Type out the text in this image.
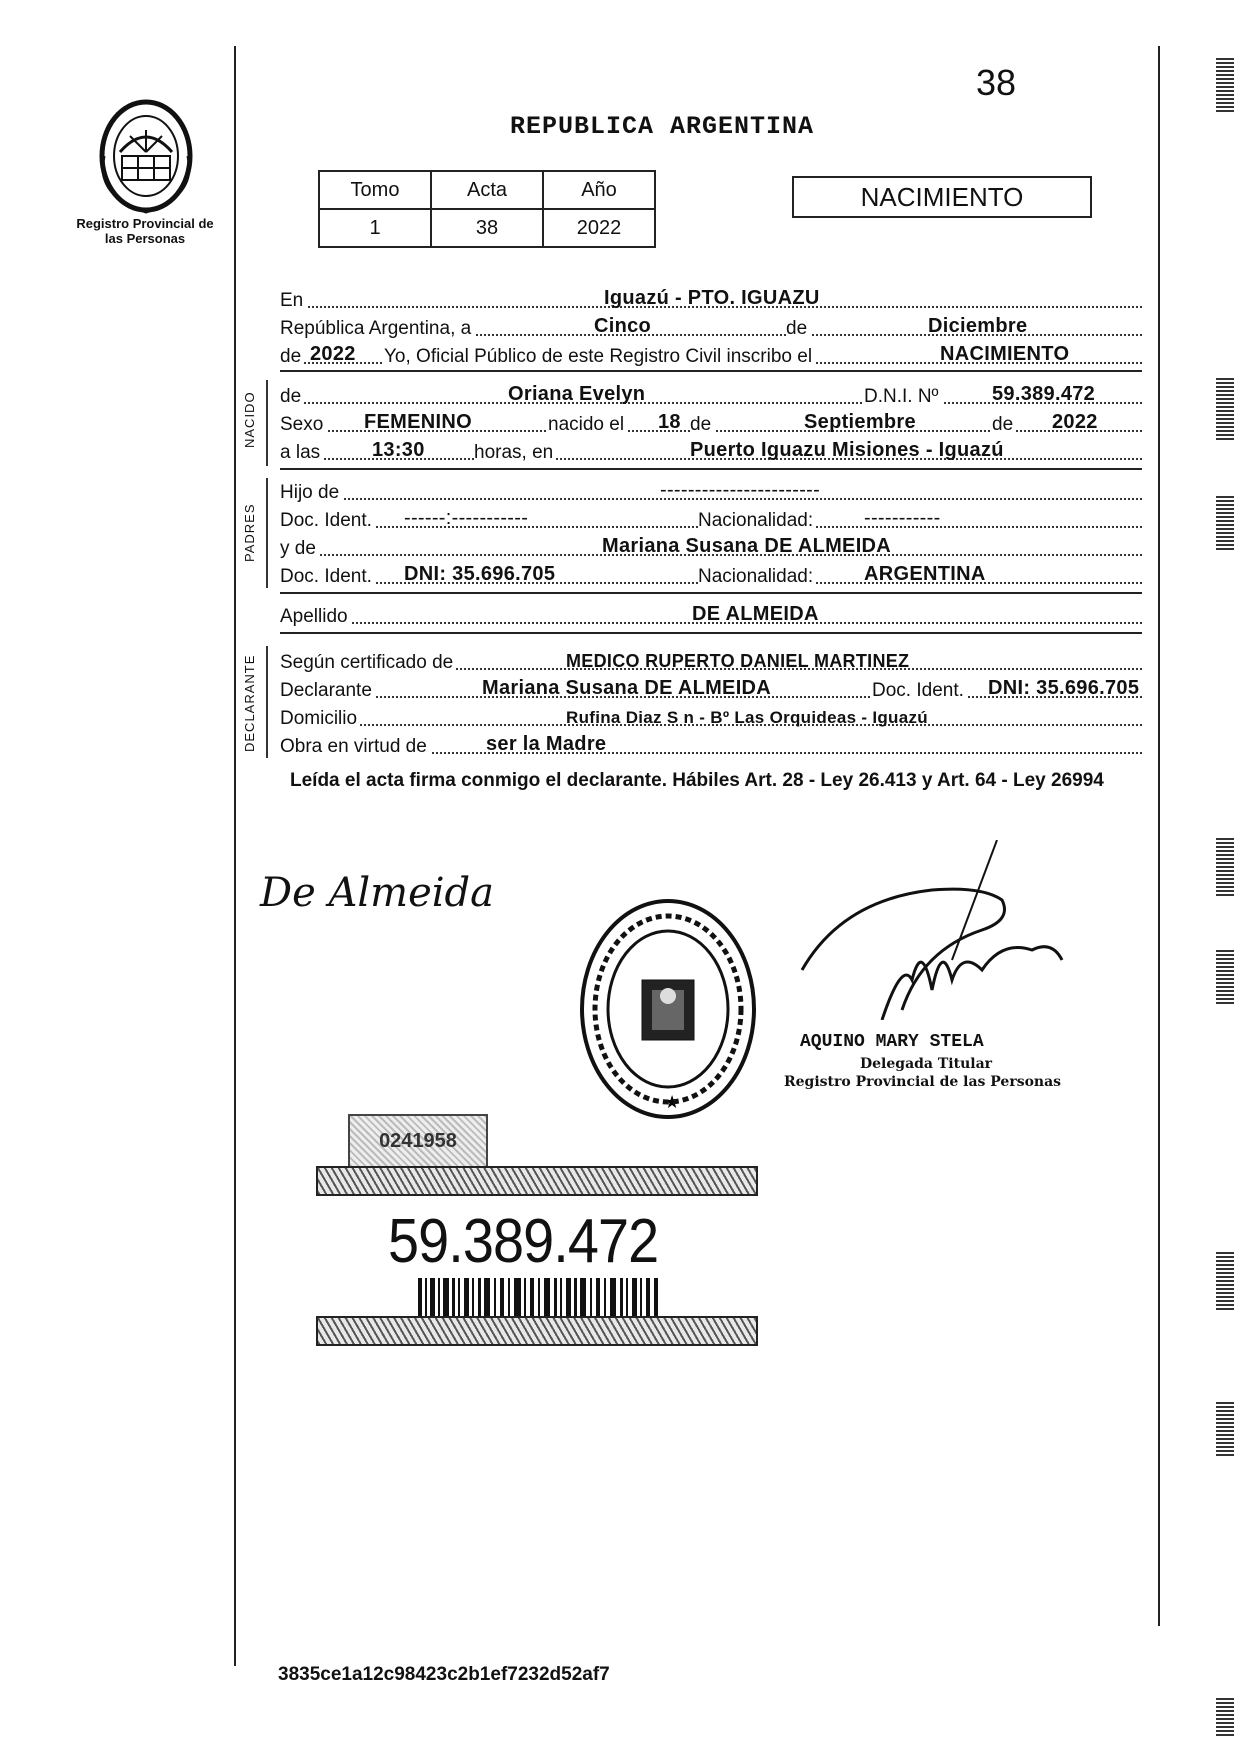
38
Registro Provincial de las Personas
REPUBLICA ARGENTINA
Tomo	Acta	Año
1	38	2022
NACIMIENTO
En	Iguazú - PTO. IGUAZU
República Argentina, a	Cinco	de	Diciembre
de 2022 Yo, Oficial Público de este Registro Civil inscribo el	NACIMIENTO
NACIDO de	Oriana Evelyn	D.N.I. Nº	59.389.472
Sexo FEMENINO	nacido el 18 de	Septiembre	de 2022
a las	13:30	horas, en	Puerto Iguazu Misiones - Iguazú
PADRES
Hijo de	-----------------------
Doc. Ident. ------:-----------	Nacionalidad:	-----------
y de	Mariana Susana DE ALMEIDA
Doc. Ident. DNI: 35.696.705	Nacionalidad:	ARGENTINA
Apellido	DE ALMEIDA
DECLARANTE Según certificado de	MEDICO RUPERTO DANIEL MARTINEZ
Declarante	Mariana Susana DE ALMEIDA	Doc. Ident. DNI: 35.696.705
Domicilio	Rufina Diaz S n - Bº Las Orquideas - Iguazú
Obra en virtud de	ser la Madre
Leída el acta firma conmigo el declarante. Hábiles Art. 28 - Ley 26.413 y Art. 64 - Ley 26994
De Almeida
★
AQUINO MARY STELA
Delegada Titular
Registro Provincial de las Personas
0241958
59.389.472
3835ce1a12c98423c2b1ef7232d52af7
